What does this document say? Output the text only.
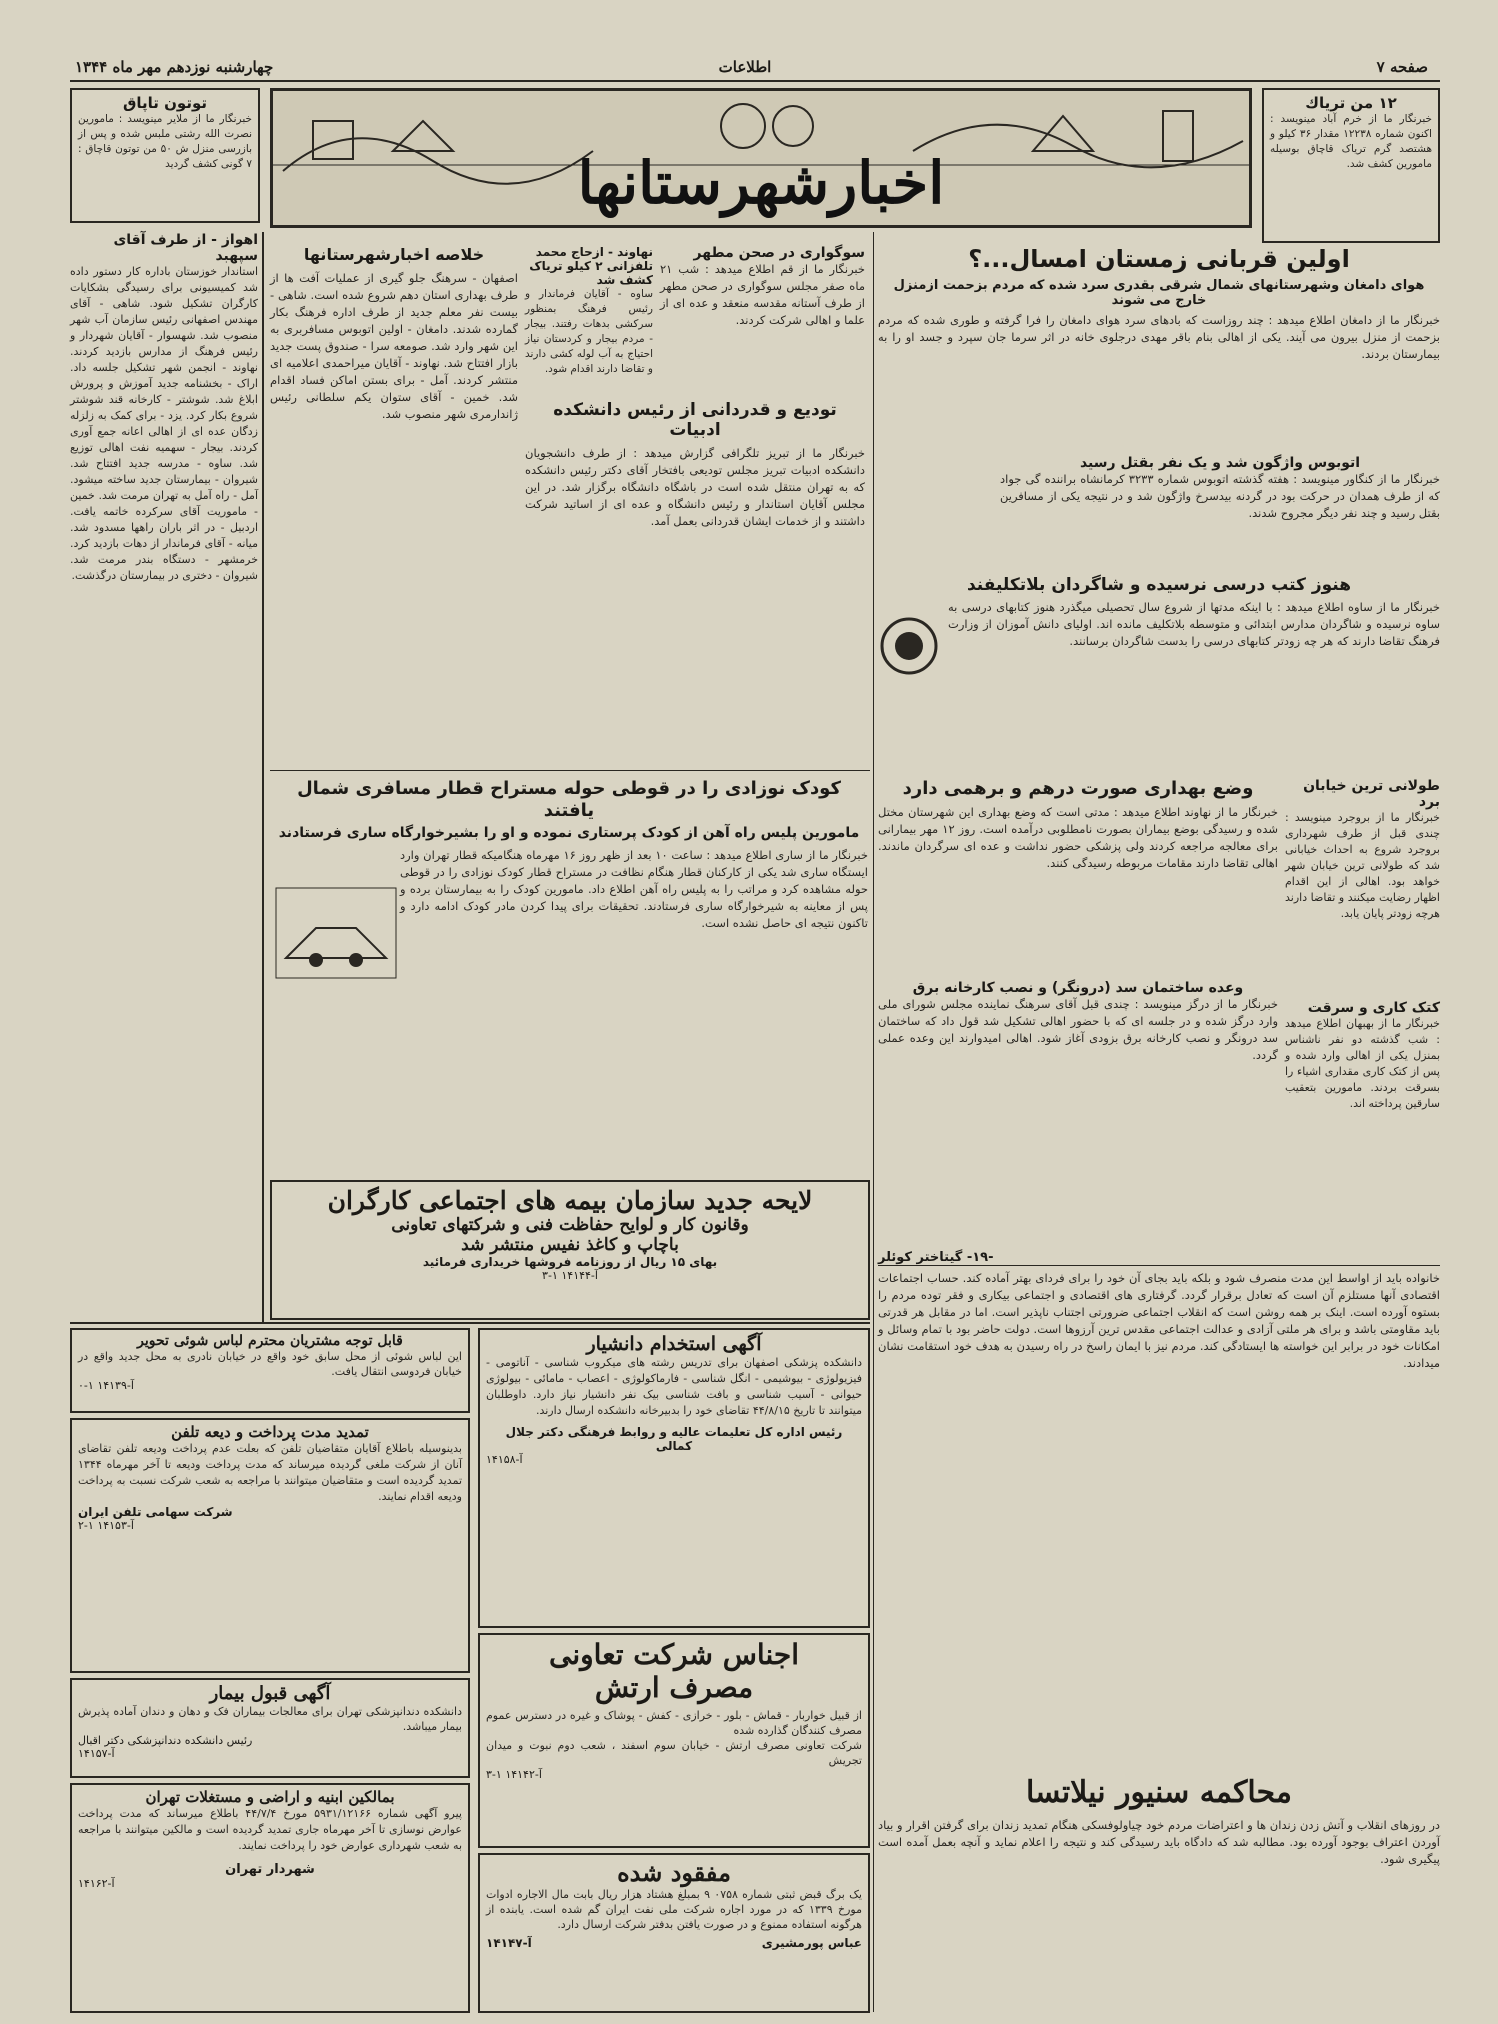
صفحه ۷
اطلاعات
چهارشنبه نوزدهم مهر ماه ۱۳۴۴
توتون تاپاق
خبرنگار ما از ملایر مینویسد : مامورین نصرت الله رشتی ملبس شده و پس از بازرسی منزل ش ۵۰ من توتون قاچاق : ۷ گونی کشف گردید	اخبارشهرستانها
۱۲ من تریاك
خبرنگار ما از خرم آباد مینویسد : اکنون شماره ۱۲۲۳۸ مقدار ۳۶ کیلو و هشتصد گرم تریاک قاچاق بوسیله مامورین کشف شد.
اولین قربانی زمستان امسال...؟
هوای دامغان وشهرستانهای شمال شرقی بقدری سرد شده که مردم بزحمت ازمنزل خارج می شوند
خبرنگار ما از دامغان اطلاع میدهد : چند روزاست که بادهای سرد هوای دامغان را فرا گرفته و طوری شده که مردم بزحمت از منزل بیرون می آیند. یکی از اهالی بنام باقر مهدی درجلوی خانه در اثر سرما جان سپرد و جسد او را به بیمارستان بردند.
اتوبوس واژگون شد و یک نفر بقتل رسید
خبرنگار ما از کنگاور مینویسد : هفته گذشته اتوبوس شماره ۳۲۳۳ کرمانشاه براننده گی جواد که از طرف همدان در حرکت بود در گردنه بیدسرخ واژگون شد و در نتیجه یکی از مسافرین بقتل رسید و چند نفر دیگر مجروح شدند.
هنوز کتب درسی نرسیده و شاگردان بلاتکلیفند
خبرنگار ما از ساوه اطلاع میدهد : با اینکه مدتها از شروع سال تحصیلی میگذرد هنوز کتابهای درسی به ساوه نرسیده و شاگردان مدارس ابتدائی و متوسطه بلاتکلیف مانده اند. اولیای دانش آموزان از وزارت فرهنگ تقاضا دارند که هر چه زودتر کتابهای درسی را بدست شاگردان برسانند.
سوگواری در صحن مطهر
خبرنگار ما از قم اطلاع میدهد : شب ۲۱ ماه صفر مجلس سوگواری در صحن مطهر از طرف آستانه مقدسه منعقد و عده ای از علما و اهالی شرکت کردند.
نهاوند - ازحاج محمد تلفزانی ۲ کیلو تریاک کشف شد
ساوه - آقایان فرماندار و رئیس فرهنگ بمنظور سرکشی بدهات رفتند. بیجار - مردم بیجار و کردستان نیاز احتیاج به آب لوله کشی دارند و تقاضا دارند اقدام شود.
تودیع و قدردانی از رئیس دانشکده ادبیات
خبرنگار ما از تبریز تلگرافی گزارش میدهد : از طرف دانشجویان دانشکده ادبیات تبریز مجلس تودیعی بافتخار آقای دکتر رئیس دانشکده که به تهران منتقل شده است در باشگاه دانشگاه برگزار شد. در این مجلس آقایان استاندار و رئیس دانشگاه و عده ای از اساتید شرکت داشتند و از خدمات ایشان قدردانی بعمل آمد.
خلاصه اخبارشهرستانها
اصفهان - سرهنگ جلو گیری از عملیات آفت ها از طرف بهداری استان دهم شروع شده است. شاهی - بیست نفر معلم جدید از طرف اداره فرهنگ بکار گمارده شدند. دامغان - اولین اتوبوس مسافربری به این شهر وارد شد. صومعه سرا - صندوق پست جدید بازار افتتاح شد. نهاوند - آقایان میراحمدی اعلامیه ای منتشر کردند. آمل - برای بستن اماکن فساد اقدام شد. خمین - آقای ستوان یکم سلطانی رئیس ژاندارمری شهر منصوب شد.
اهواز - از طرف آقای سپهبد
استاندار خوزستان باداره کار دستور داده شد کمیسیونی برای رسیدگی بشکایات کارگران تشکیل شود. شاهی - آقای مهندس اصفهانی رئیس سازمان آب شهر منصوب شد. شهسوار - آقایان شهردار و رئیس فرهنگ از مدارس بازدید کردند. نهاوند - انجمن شهر تشکیل جلسه داد. اراک - بخشنامه جدید آموزش و پرورش ابلاغ شد. شوشتر - کارخانه قند شوشتر شروع بکار کرد. یزد - برای کمک به زلزله زدگان عده ای از اهالی اعانه جمع آوری کردند. بیجار - سهمیه نفت اهالی توزیع شد. ساوه - مدرسه جدید افتتاح شد. شیروان - بیمارستان جدید ساخته میشود. آمل - راه آمل به تهران مرمت شد. خمین - ماموریت آقای سرکرده خاتمه یافت. اردبیل - در اثر باران راهها مسدود شد. میانه - آقای فرماندار از دهات بازدید کرد. خرمشهر - دستگاه بندر مرمت شد. شیروان - دختری در بیمارستان درگذشت.
کودک نوزادی را در قوطی حوله مستراح قطار مسافری شمال یافتند
مامورین پلیس راه آهن از کودک پرستاری نموده و او را بشیرخوارگاه ساری فرستادند
خبرنگار ما از ساری اطلاع میدهد : ساعت ۱۰ بعد از ظهر روز ۱۶ مهرماه هنگامیکه قطار تهران وارد ایستگاه ساری شد یکی از کارکنان قطار هنگام نظافت در مستراح قطار کودک نوزادی را در قوطی حوله مشاهده کرد و مراتب را به پلیس راه آهن اطلاع داد. مامورین کودک را به بیمارستان برده و پس از معاینه به شیرخوارگاه ساری فرستادند. تحقیقات برای پیدا کردن مادر کودک ادامه دارد و تاکنون نتیجه ای حاصل نشده است.
وضع بهداری صورت درهم و برهمی دارد
خبرنگار ما از نهاوند اطلاع میدهد : مدتی است که وضع بهداری این شهرستان مختل شده و رسیدگی بوضع بیماران بصورت نامطلوبی درآمده است. روز ۱۲ مهر بیمارانی برای معالجه مراجعه کردند ولی پزشکی حضور نداشت و عده ای سرگردان ماندند. اهالی تقاضا دارند مقامات مربوطه رسیدگی کنند.
وعده ساختمان سد (درونگر) و نصب کارخانه برق
خبرنگار ما از درگز مینویسد : چندی قبل آقای سرهنگ نماینده مجلس شورای ملی وارد درگز شده و در جلسه ای که با حضور اهالی تشکیل شد قول داد که ساختمان سد درونگر و نصب کارخانه برق بزودی آغاز شود. اهالی امیدوارند این وعده عملی گردد.
طولانی ترین خیابان برد
خبرنگار ما از بروجرد مینویسد : چندی قبل از طرف شهرداری بروجرد شروع به احداث خیابانی شد که طولانی ترین خیابان شهر خواهد بود. اهالی از این اقدام اظهار رضایت میکنند و تقاضا دارند هرچه زودتر پایان یابد.
کتک کاری و سرقت
خبرنگار ما از بهبهان اطلاع میدهد : شب گذشته دو نفر ناشناس بمنزل یکی از اهالی وارد شده و پس از کتک کاری مقداری اشیاء را بسرقت بردند. مامورین بتعقیب سارقین پرداخته اند.
لایحه جدید سازمان بیمه های اجتماعی کارگران
وقانون کار و لوایح حفاظت فنی و شرکتهای تعاونی
باچاپ و کاغذ نفیس منتشر شد
بهای ۱۵ ریال از روزنامه فروشها خریداری فرمائید
آ-۱۴۱۴۴ ۱-۳
-۱۹- گیتاختر کوئلر
خانواده باید از اواسط این مدت منصرف شود و بلکه باید بجای آن خود را برای فردای بهتر آماده کند. حساب اجتماعات اقتصادی آنها مستلزم آن است که تعادل برقرار گردد. گرفتاری های اقتصادی و اجتماعی بیکاری و فقر توده مردم را بستوه آورده است. اینک بر همه روشن است که انقلاب اجتماعی ضرورتی اجتناب ناپذیر است. اما در مقابل هر قدرتی باید مقاومتی باشد و برای هر ملتی آزادی و عدالت اجتماعی مقدس ترین آرزوها است. دولت حاضر بود با تمام وسائل و امکانات خود در برابر این خواسته ها ایستادگی کند. مردم نیز با ایمان راسخ در راه رسیدن به هدف خود استقامت نشان میدادند.
محاکمه سنیور نیلاتسا
در روزهای انقلاب و آتش زدن زندان ها و اعتراضات مردم خود چیاولوفسکی هنگام تمدید زندان برای گرفتن اقرار و بیاد آوردن اعتراف بوجود آورده بود. مطالبه شد که دادگاه باید رسیدگی کند و نتیجه را اعلام نماید و آنچه بعمل آمده است پیگیری شود.
قابل توجه مشتریان محترم لباس شوئی تحویر
این لباس شوئی از محل سابق خود واقع در خیابان نادری به محل جدید واقع در خیابان فردوسی انتقال یافت.
آ-۱۴۱۳۹ ۱-۰
تمدید مدت پرداخت و دیعه تلفن
بدینوسیله باطلاع آقایان متقاضیان تلفن که بعلت عدم پرداخت ودیعه تلفن تقاضای آنان از شرکت ملغی گردیده میرساند که مدت پرداخت ودیعه تا آخر مهرماه ۱۳۴۴ تمدید گردیده است و متقاضیان میتوانند با مراجعه به شعب شرکت نسبت به پرداخت ودیعه اقدام نمایند.
شرکت سهامی تلفن ایران
آ-۱۴۱۵۳ ۱-۲
آگهی قبول بیمار
دانشکده دندانپزشکی تهران برای معالجات بیماران فک و دهان و دندان آماده پذیرش بیمار میباشد.
رئیس دانشکده دندانپزشکی دکتر اقبال
آ-۱۴۱۵۷
بمالکین ابنیه و اراضی و مستغلات تهران
پیرو آگهی شماره ۵۹۳۱/۱۲۱۶۶ مورخ ۴۴/۷/۴ باطلاع میرساند که مدت پرداخت عوارض نوسازی تا آخر مهرماه جاری تمدید گردیده است و مالکین میتوانند با مراجعه به شعب شهرداری عوارض خود را پرداخت نمایند.
شهردار تهران
آ-۱۴۱۶۲
آگهی استخدام دانشیار
دانشکده پزشکی اصفهان برای تدریس رشته های میکروب شناسی - آناتومی - فیزیولوژی - بیوشیمی - انگل شناسی - فارماکولوژی - اعصاب - مامائی - بیولوژی حیوانی - آسیب شناسی و بافت شناسی بیک نفر دانشیار نیاز دارد. داوطلبان میتوانند تا تاریخ ۴۴/۸/۱۵ تقاضای خود را بدبیرخانه دانشکده ارسال دارند.
رئیس اداره کل تعلیمات عالیه و روابط فرهنگی دکتر جلال کمالی
آ-۱۴۱۵۸
اجناس شرکت تعاونی
مصرف ارتش
از قبیل خواربار - قماش - بلور - خرازی - کفش - پوشاک و غیره در دسترس عموم مصرف کنندگان گذارده شده
شرکت تعاونی مصرف ارتش - خیابان سوم اسفند ، شعب دوم نبوت و میدان تجریش
آ-۱۴۱۴۲ ۱-۳
مفقود شده
یک برگ قبض ثبتی شماره ۰۷۵۸ ۹ بمبلغ هشتاد هزار ریال بابت مال الاجاره ادوات مورخ ۱۳۳۹ که در مورد اجاره شرکت ملی نفت ایران گم شده است. یابنده از هرگونه استفاده ممنوع و در صورت یافتن بدفتر شرکت ارسال دارد.
عباس پورمشیری
آ-۱۴۱۴۷
